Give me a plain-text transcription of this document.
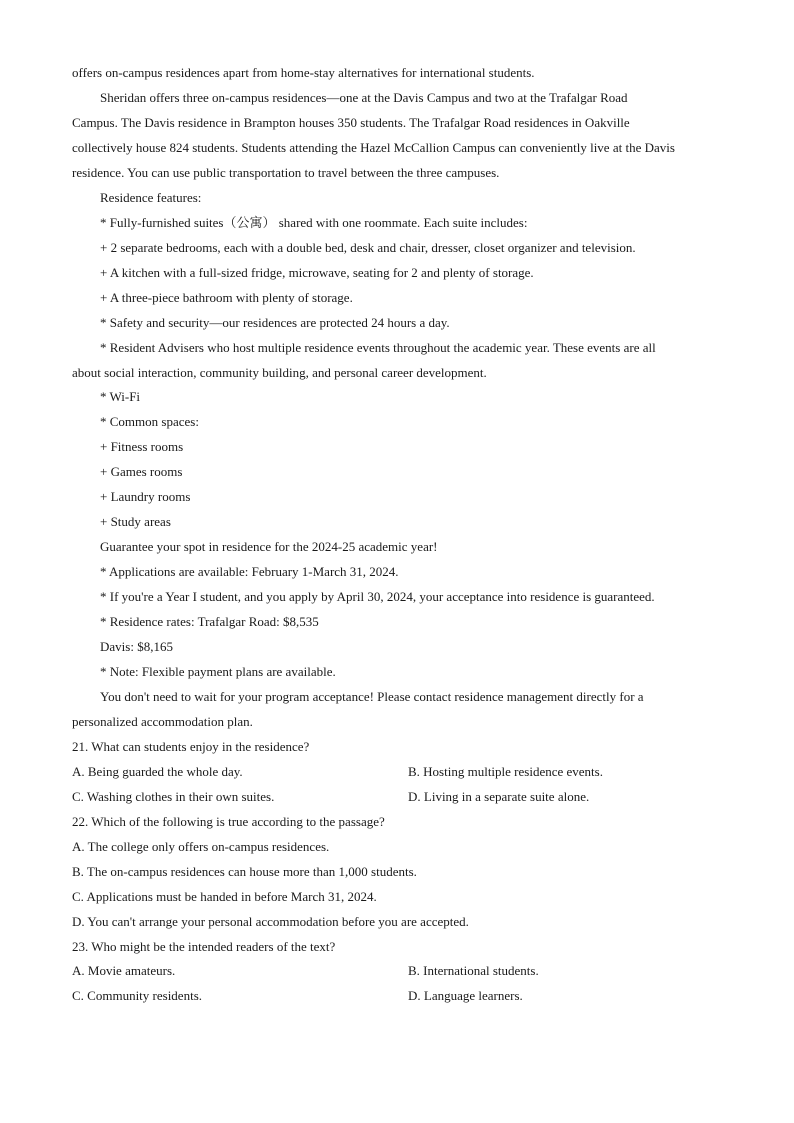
offers on-campus residences apart from home-stay alternatives for international students.

Sheridan offers three on-campus residences—one at the Davis Campus and two at the Trafalgar Road

Campus. The Davis residence in Brampton houses 350 students. The Trafalgar Road residences in Oakville

collectively house 824 students. Students attending the Hazel McCallion Campus can conveniently live at the Davis

residence. You can use public transportation to travel between the three campuses.

Residence features:

* Fully-furnished suites（公寓） shared with one roommate. Each suite includes:

+ 2 separate bedrooms, each with a double bed, desk and chair, dresser, closet organizer and television.

+ A kitchen with a full-sized fridge, microwave, seating for 2 and plenty of storage.

+ A three-piece bathroom with plenty of storage.

* Safety and security—our residences are protected 24 hours a day.

* Resident Advisers who host multiple residence events throughout the academic year. These events are all

about social interaction, community building, and personal career development.

* Wi-Fi

* Common spaces:

+ Fitness rooms

+ Games rooms

+ Laundry rooms

+ Study areas

Guarantee your spot in residence for the 2024-25 academic year!

* Applications are available: February 1-March 31, 2024.

* If you're a Year I student, and you apply by April 30, 2024, your acceptance into residence is guaranteed.

* Residence rates: Trafalgar Road: $8,535

Davis: $8,165

* Note: Flexible payment plans are available.

You don't need to wait for your program acceptance! Please contact residence management directly for a

personalized accommodation plan.

21. What can students enjoy in the residence?

A. Being guarded the whole day.	B. Hosting multiple residence events.

C. Washing clothes in their own suites.	D. Living in a separate suite alone.

22. Which of the following is true according to the passage?

A. The college only offers on-campus residences.

B. The on-campus residences can house more than 1,000 students.

C. Applications must be handed in before March 31, 2024.

D. You can't arrange your personal accommodation before you are accepted.

23. Who might be the intended readers of the text?

A. Movie amateurs.	B. International students.

C. Community residents.	D. Language learners.
